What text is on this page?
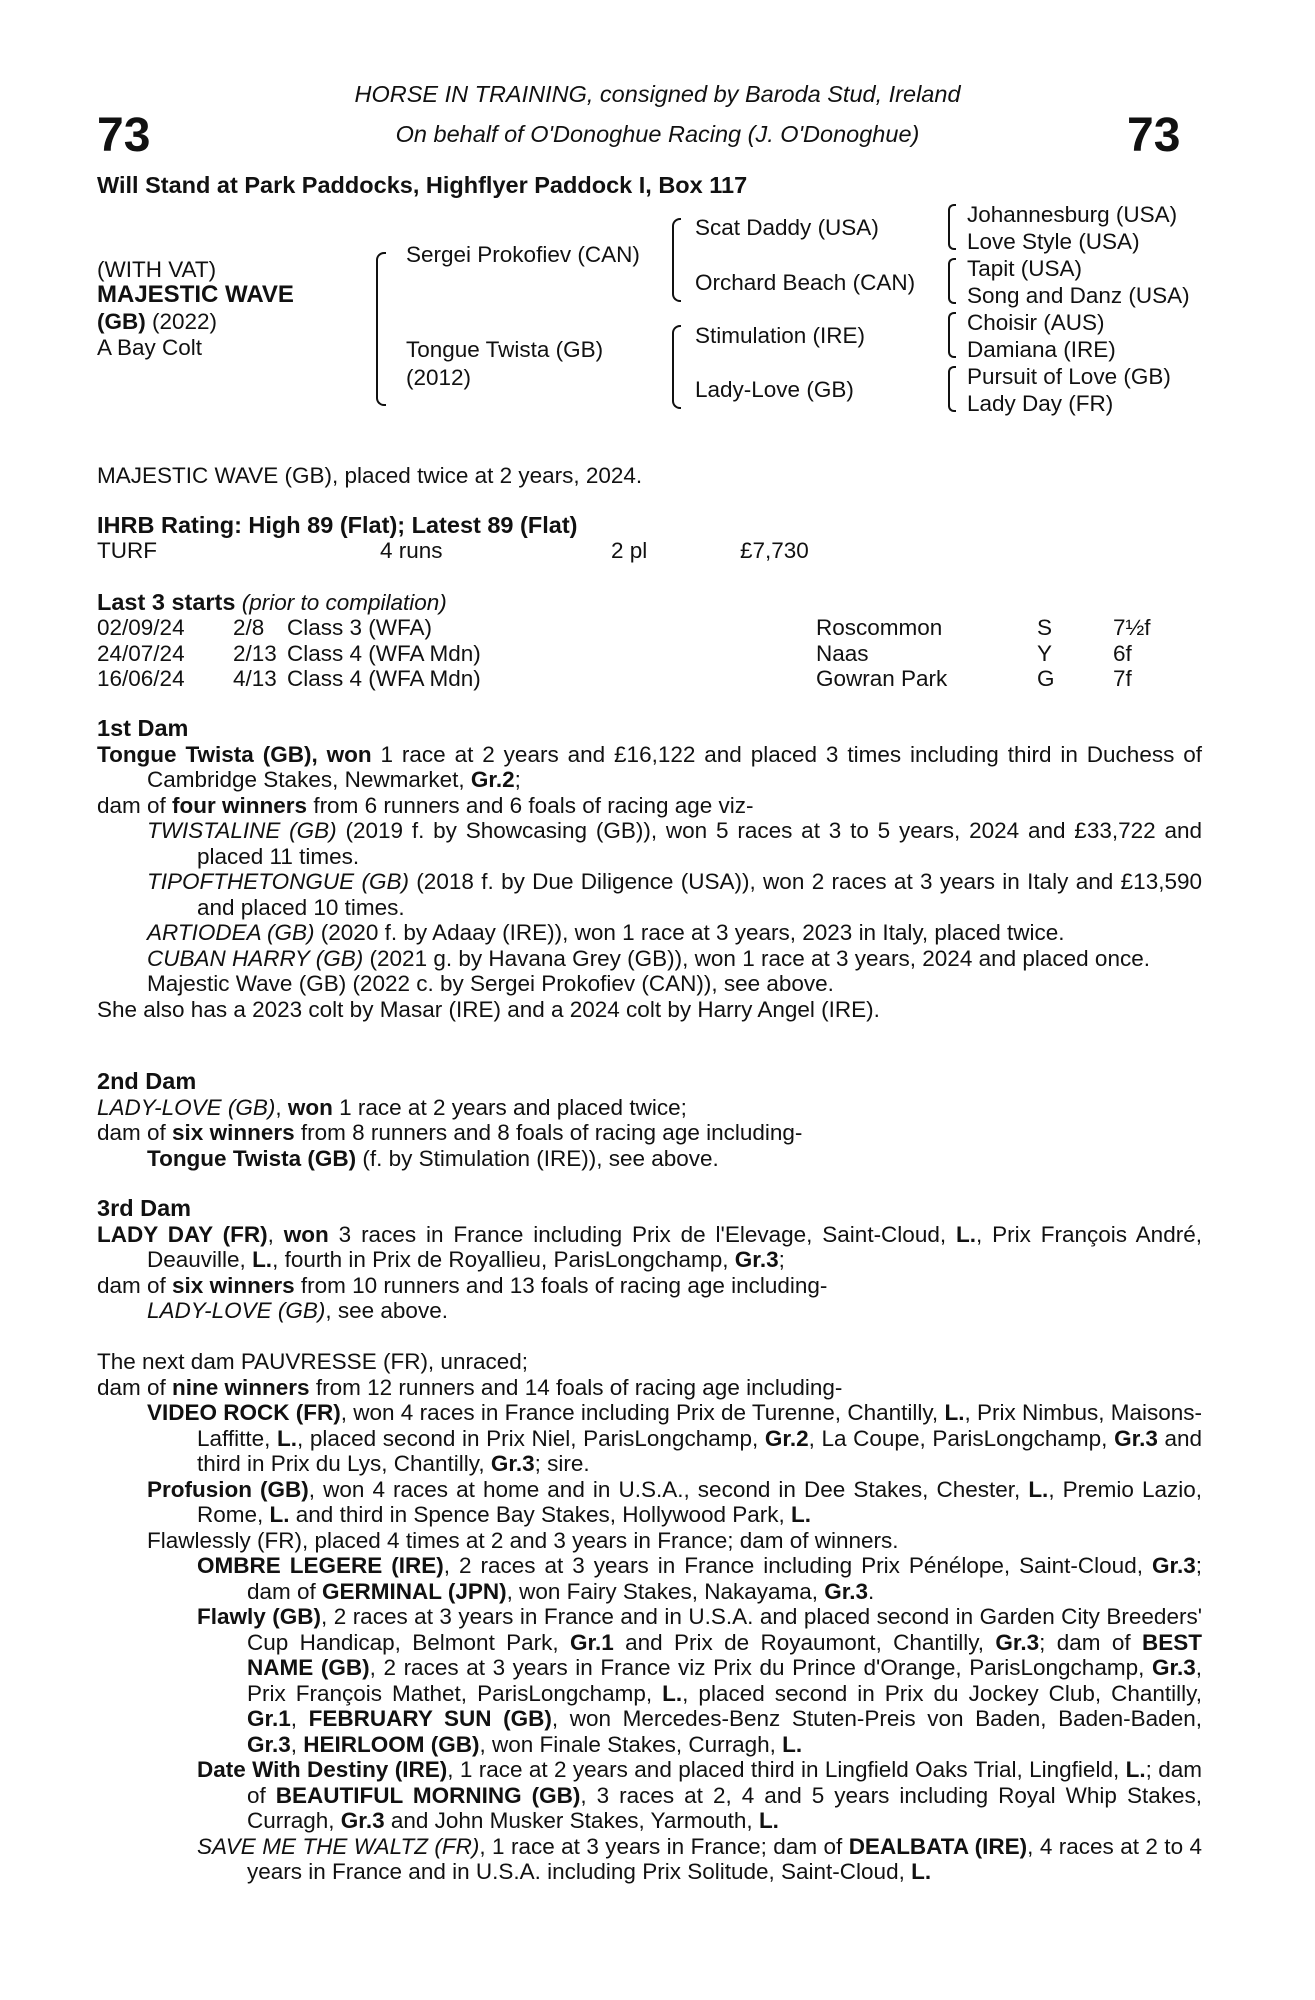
73	73
HORSE IN TRAINING, consigned by Baroda Stud, Ireland
On behalf of O'Donoghue Racing (J. O'Donoghue)
Will Stand at Park Paddocks, Highflyer Paddock I, Box 117
(WITH VAT)
MAJESTIC WAVE
(GB) (2022)
A Bay Colt
Sergei Prokofiev (CAN)
Tongue Twista (GB)
(2012)
Scat Daddy (USA)
Orchard Beach (CAN)
Stimulation (IRE)
Lady-Love (GB)
Johannesburg (USA)
Love Style (USA)
Tapit (USA)
Song and Danz (USA)
Choisir (AUS)
Damiana (IRE)
Pursuit of Love (GB)
Lady Day (FR)
MAJESTIC WAVE (GB), placed twice at 2 years, 2024.
IHRB Rating: High 89 (Flat); Latest 89 (Flat)
TURF	4 runs	2 pl	£7,730
Last 3 starts (prior to compilation)
02/09/24 2/8 Class 3 (WFA)	Roscommon	S	7½f
24/07/24 2/13 Class 4 (WFA Mdn)	Naas	Y	6f
16/06/24 4/13 Class 4 (WFA Mdn)	Gowran Park	G	7f
1st Dam

Tongue Twista (GB), won 1 race at 2 years and £16,122 and placed 3 times including third in Duchess of Cambridge Stakes, Newmarket, Gr.2;

dam of four winners from 6 runners and 6 foals of racing age viz-

TWISTALINE (GB) (2019 f. by Showcasing (GB)), won 5 races at 3 to 5 years, 2024 and £33,722 and placed 11 times.

TIPOFTHETONGUE (GB) (2018 f. by Due Diligence (USA)), won 2 races at 3 years in Italy and £13,590 and placed 10 times.

ARTIODEA (GB) (2020 f. by Adaay (IRE)), won 1 race at 3 years, 2023 in Italy, placed twice.

CUBAN HARRY (GB) (2021 g. by Havana Grey (GB)), won 1 race at 3 years, 2024 and placed once.

Majestic Wave (GB) (2022 c. by Sergei Prokofiev (CAN)), see above.
She also has a 2023 colt by Masar (IRE) and a 2024 colt by Harry Angel (IRE).
2nd Dam
LADY-LOVE (GB), won 1 race at 2 years and placed twice;
dam of six winners from 8 runners and 8 foals of racing age including-
Tongue Twista (GB) (f. by Stimulation (IRE)), see above.
3rd Dam

LADY DAY (FR), won 3 races in France including Prix de l'Elevage, Saint-Cloud, L., Prix François André, Deauville, L., fourth in Prix de Royallieu, ParisLongchamp, Gr.3;

dam of six winners from 10 runners and 13 foals of racing age including-
LADY-LOVE (GB), see above.
The next dam PAUVRESSE (FR), unraced;
dam of nine winners from 12 runners and 14 foals of racing age including-

VIDEO ROCK (FR), won 4 races in France including Prix de Turenne, Chantilly, L., Prix Nimbus, Maisons-Laffitte, L., placed second in Prix Niel, ParisLongchamp, Gr.2, La Coupe, ParisLongchamp, Gr.3 and third in Prix du Lys, Chantilly, Gr.3; sire.

Profusion (GB), won 4 races at home and in U.S.A., second in Dee Stakes, Chester, L., Premio Lazio, Rome, L. and third in Spence Bay Stakes, Hollywood Park, L.

Flawlessly (FR), placed 4 times at 2 and 3 years in France; dam of winners.

OMBRE LEGERE (IRE), 2 races at 3 years in France including Prix Pénélope, Saint-Cloud, Gr.3; dam of GERMINAL (JPN), won Fairy Stakes, Nakayama, Gr.3.

Flawly (GB), 2 races at 3 years in France and in U.S.A. and placed second in Garden City Breeders' Cup Handicap, Belmont Park, Gr.1 and Prix de Royaumont, Chantilly, Gr.3; dam of BEST NAME (GB), 2 races at 3 years in France viz Prix du Prince d'Orange, ParisLongchamp, Gr.3, Prix François Mathet, ParisLongchamp, L., placed second in Prix du Jockey Club, Chantilly, Gr.1, FEBRUARY SUN (GB), won Mercedes-Benz Stuten-Preis von Baden, Baden-Baden, Gr.3, HEIRLOOM (GB), won Finale Stakes, Curragh, L.

Date With Destiny (IRE), 1 race at 2 years and placed third in Lingfield Oaks Trial, Lingfield, L.; dam of BEAUTIFUL MORNING (GB), 3 races at 2, 4 and 5 years including Royal Whip Stakes, Curragh, Gr.3 and John Musker Stakes, Yarmouth, L.

SAVE ME THE WALTZ (FR), 1 race at 3 years in France; dam of DEALBATA (IRE), 4 races at 2 to 4 years in France and in U.S.A. including Prix Solitude, Saint-Cloud, L.
